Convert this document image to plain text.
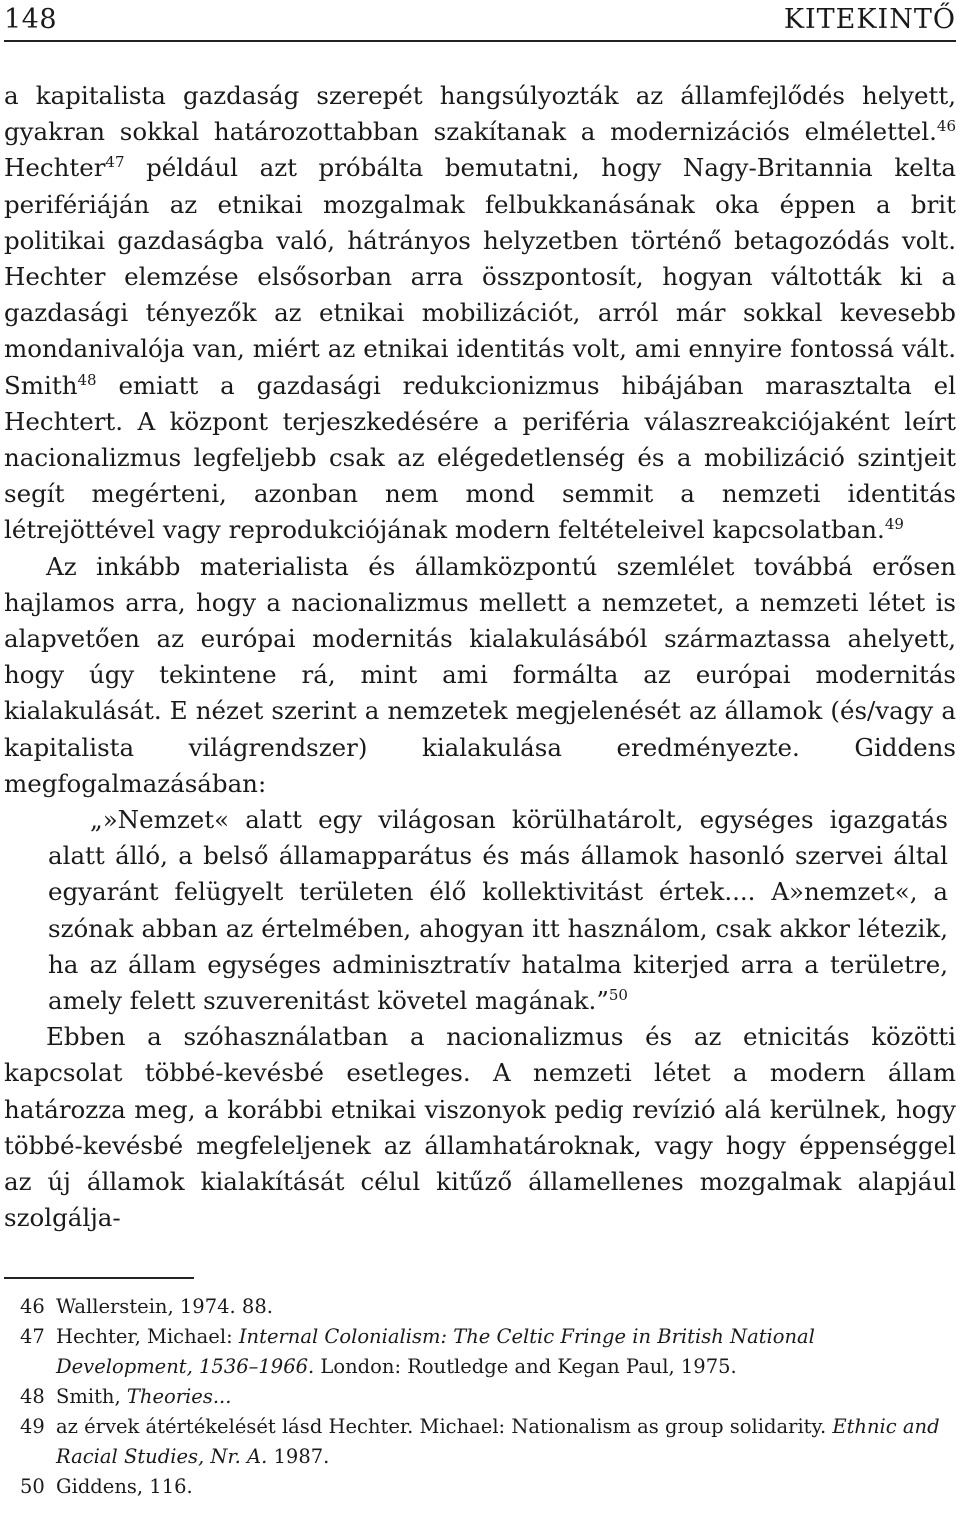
148	KITEKINTŐ

a kapitalista gazdaság szerepét hangsúlyozták az államfejlődés helyett, gyakran sokkal határozottabban szakítanak a modernizációs elmélettel.$^{46}$ Hechter$^{47}$ például azt próbálta bemutatni, hogy Nagy-Britannia kelta perifériáján az etnikai mozgalmak felbukkanásának oka éppen a brit politikai gazdaságba való, hátrányos helyzetben történő betagozódás volt. Hechter elemzése elsősorban arra összpontosít, hogyan váltották ki a gazdasági tényezők az etnikai mobilizációt, arról már sokkal kevesebb mondanivalója van, miért az etnikai identitás volt, ami ennyire fontossá vált. Smith$^{48}$ emiatt a gazdasági redukcionizmus hibájában marasztalta el Hechtert. A központ terjeszkedésére a periféria válaszreakciójaként leírt nacionalizmus legfeljebb csak az elégedetlenség és a mobilizáció szintjeit segít megérteni, azonban nem mond semmit a nemzeti identitás létrejöttével vagy reprodukciójának modern feltételeivel kapcsolatban.$^{49}$

Az inkább materialista és államközpontú szemlélet továbbá erősen hajlamos arra, hogy a nacionalizmus mellett a nemzetet, a nemzeti létet is alapvetően az európai modernitás kialakulásából származtassa ahelyett, hogy úgy tekintene rá, mint ami formálta az európai modernitás kialakulását. E nézet szerint a nemzetek megjelenését az államok (és/vagy a kapitalista világrendszer) kialakulása eredményezte. Giddens megfogalmazásában:

„»Nemzet« alatt egy világosan körülhatárolt, egységes igazgatás alatt álló, a belső államapparátus és más államok hasonló szervei által egyaránt felügyelt területen élő kollektivitást értek.... A»nemzet«, a szónak abban az értelmében, ahogyan itt használom, csak akkor létezik, ha az állam egységes adminisztratív hatalma kiterjed arra a területre, amely felett szuverenitást követel magának.”$^{50}$

Ebben a szóhasználatban a nacionalizmus és az etnicitás közötti kapcsolat többé-kevésbé esetleges. A nemzeti létet a modern állam határozza meg, a korábbi etnikai viszonyok pedig revízió alá kerülnek, hogy többé-kevésbé megfeleljenek az államhatároknak, vagy hogy éppenséggel az új államok kialakítását célul kitűző államellenes mozgalmak alapjául szolgálja-

46 Wallerstein, 1974. 88.
47 Hechter, Michael: Internal Colonialism: The Celtic Fringe in British National Development, 1536–1966. London: Routledge and Kegan Paul, 1975.
48 Smith, Theories...
49 az érvek átértékelését lásd Hechter. Michael: Nationalism as group solidarity. Ethnic and Racial Studies, Nr. A. 1987.
50 Giddens, 116.
